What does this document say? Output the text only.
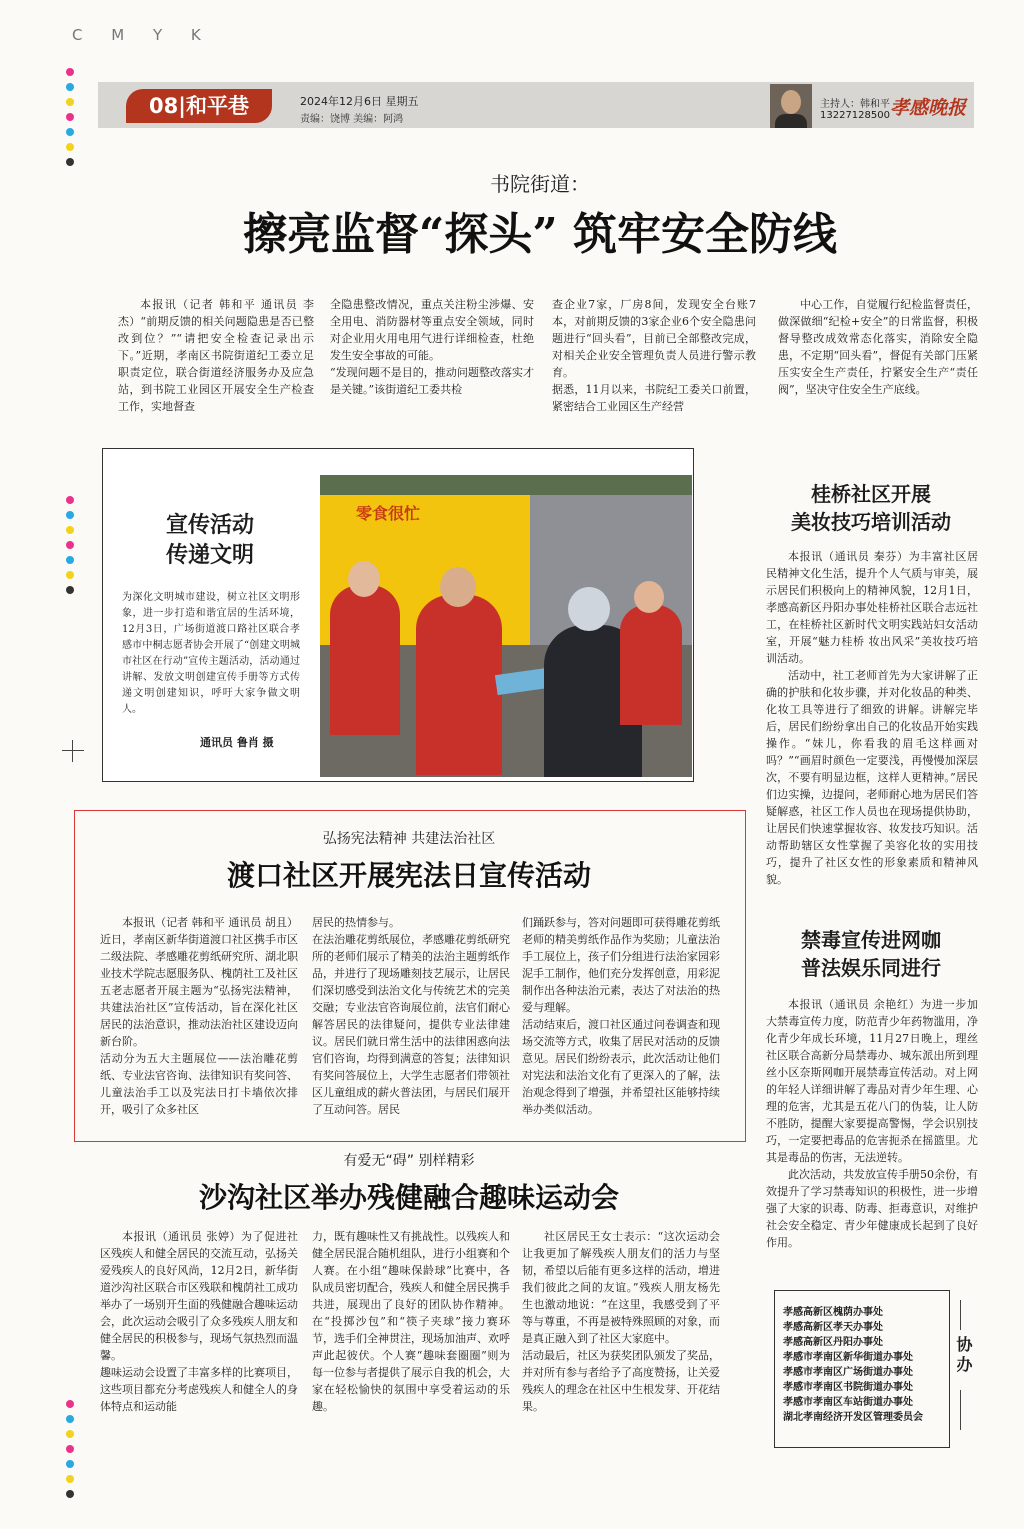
C M Y K
08|和平巷	2024年12月6日 星期五
责编：饶博 美编：阿鸿
主持人：韩和平
13227128500 孝感晚报
书院街道：
擦亮监督“探头” 筑牢安全防线

本报讯（记者 韩和平 通讯员 李 杰）“前期反馈的相关问题隐患是否已整改到位？”“请把安全检查记录出示下。”近期，孝南区书院街道纪工委立足职责定位，联合街道经济服务办及应急站，到书院工业园区开展安全生产检查工作，实地督查

全隐患整改情况，重点关注粉尘涉爆、安全用电、消防器材等重点安全领域，同时对企业用火用电用气进行详细检查，杜绝发生安全事故的可能。
“发现问题不是目的，推动问题整改落实才是关键。”该街道纪工委共检

查企业7家，厂房8间，发现安全台账7本，对前期反馈的3家企业6个安全隐患问题进行“回头看”，目前已全部整改完成，对相关企业安全管理负责人员进行警示教育。
据悉，11月以来，书院纪工委关口前置，紧密结合工业园区生产经营

中心工作，自觉履行纪检监督责任，做深做细“纪检+安全”的日常监督，积极督导整改成效常态化落实，消除安全隐患，不定期“回头看”，督促有关部门压紧压实安全生产责任，拧紧安全生产“责任阀”，坚决守住安全生产底线。

宣传活动
传递文明
为深化文明城市建设，树立社区文明形象，进一步打造和谐宜居的生活环境，12月3日，广场街道渡口路社区联合孝感市中桐志愿者协会开展了“创建文明城市社区在行动”宣传主题活动，活动通过讲解、发放文明创建宣传手册等方式传递文明创建知识，呼吁大家争做文明人。
通讯员 鲁肖 摄
零食很忙
桂桥社区开展
美妆技巧培训活动

本报讯（通讯员 秦芬）为丰富社区居民精神文化生活，提升个人气质与审美，展示居民们积极向上的精神风貌，12月1日，孝感高新区丹阳办事处桂桥社区联合志远社工，在桂桥社区新时代文明实践站妇女活动室，开展“魅力桂桥 妆出风采”美妆技巧培训活动。

活动中，社工老师首先为大家讲解了正确的护肤和化妆步骤，并对化妆品的种类、化妆工具等进行了细致的讲解。讲解完毕后，居民们纷纷拿出自己的化妆品开始实践操作。“妹儿，你看我的眉毛这样画对吗？”“画眉时颜色一定要浅，再慢慢加深层次，不要有明显边框，这样人更精神。”居民们边实操，边提问，老师耐心地为居民们答疑解惑，社区工作人员也在现场提供协助，让居民们快速掌握妆容、妆发技巧知识。活动帮助辖区女性掌握了美容化妆的实用技巧，提升了社区女性的形象素质和精神风貌。

禁毒宣传进网咖
普法娱乐同进行

本报讯（通讯员 余艳红）为进一步加大禁毒宣传力度，防范青少年药物滥用，净化青少年成长环境，11月27日晚上，理丝社区联合高新分局禁毒办、城东派出所到理丝小区奈斯网咖开展禁毒宣传活动。对上网的年轻人详细讲解了毒品对青少年生理、心理的危害，尤其是五花八门的伪装，让人防不胜防，提醒大家要提高警惕，学会识别技巧，一定要把毒品的危害扼杀在摇篮里。尤其是毒品的伤害，无法逆转。

此次活动，共发放宣传手册50余份，有效提升了学习禁毒知识的积极性，进一步增强了大家的识毒、防毒、拒毒意识，对维护社会安全稳定、青少年健康成长起到了良好作用。

弘扬宪法精神 共建法治社区
渡口社区开展宪法日宣传活动

本报讯（记者 韩和平 通讯员 胡且）近日，孝南区新华街道渡口社区携手市区二级法院、孝感雕花剪纸研究所、湖北职业技术学院志愿服务队、槐荫社工及社区五老志愿者开展主题为“弘扬宪法精神，共建法治社区”宣传活动，旨在深化社区居民的法治意识，推动法治社区建设迈向新台阶。
活动分为五大主题展位——法治雕花剪纸、专业法官咨询、法律知识有奖问答、儿童法治手工以及宪法日打卡墙依次排开，吸引了众多社区

居民的热情参与。
在法治雕花剪纸展位，孝感雕花剪纸研究所的老师们展示了精美的法治主题剪纸作品，并进行了现场雕刻技艺展示，让居民们深切感受到法治文化与传统艺术的完美交融；专业法官咨询展位前，法官们耐心解答居民的法律疑问，提供专业法律建议。居民们就日常生活中的法律困惑向法官们咨询，均得到满意的答复；法律知识有奖问答展位上，大学生志愿者们带领社区儿童组成的薪火普法团，与居民们展开了互动问答。居民

们踊跃参与，答对问题即可获得雕花剪纸老师的精美剪纸作品作为奖励；儿童法治手工展位上，孩子们分组进行法治家园彩泥手工制作，他们充分发挥创意，用彩泥制作出各种法治元素，表达了对法治的热爱与理解。
活动结束后，渡口社区通过问卷调查和现场交流等方式，收集了居民对活动的反馈意见。居民们纷纷表示，此次活动让他们对宪法和法治文化有了更深入的了解，法治观念得到了增强，并希望社区能够持续举办类似活动。

有爱无“碍” 别样精彩
沙沟社区举办残健融合趣味运动会

本报讯（通讯员 张婷）为了促进社区残疾人和健全居民的交流互动，弘扬关爱残疾人的良好风尚，12月2日，新华街道沙沟社区联合市区残联和槐荫社工成功举办了一场别开生面的残健融合趣味运动会，此次运动会吸引了众多残疾人朋友和健全居民的积极参与，现场气氛热烈而温馨。
趣味运动会设置了丰富多样的比赛项目，这些项目都充分考虑残疾人和健全人的身体特点和运动能

力，既有趣味性又有挑战性。以残疾人和健全居民混合随机组队，进行小组赛和个人赛。在小组“趣味保龄球”比赛中，各队成员密切配合，残疾人和健全居民携手共进，展现出了良好的团队协作精神。在“投掷沙包”和“筷子夹球”接力赛环节，选手们全神贯注，现场加油声、欢呼声此起彼伏。个人赛“趣味套圈圈”则为每一位参与者提供了展示自我的机会，大家在轻松愉快的氛围中享受着运动的乐趣。

社区居民王女士表示：“这次运动会让我更加了解残疾人朋友们的活力与坚韧，希望以后能有更多这样的活动，增进我们彼此之间的友谊。”残疾人朋友杨先生也激动地说：“在这里，我感受到了平等与尊重，不再是被特殊照顾的对象，而是真正融入到了社区大家庭中。
活动最后，社区为获奖团队颁发了奖品，并对所有参与者给予了高度赞扬，让关爱残疾人的理念在社区中生根发芽、开花结果。

孝感高新区槐荫办事处
孝感高新区孝天办事处
孝感高新区丹阳办事处
孝感市孝南区新华街道办事处
孝感市孝南区广场街道办事处
孝感市孝南区书院街道办事处
孝感市孝南区车站街道办事处
湖北孝南经济开发区管理委员会
协办
